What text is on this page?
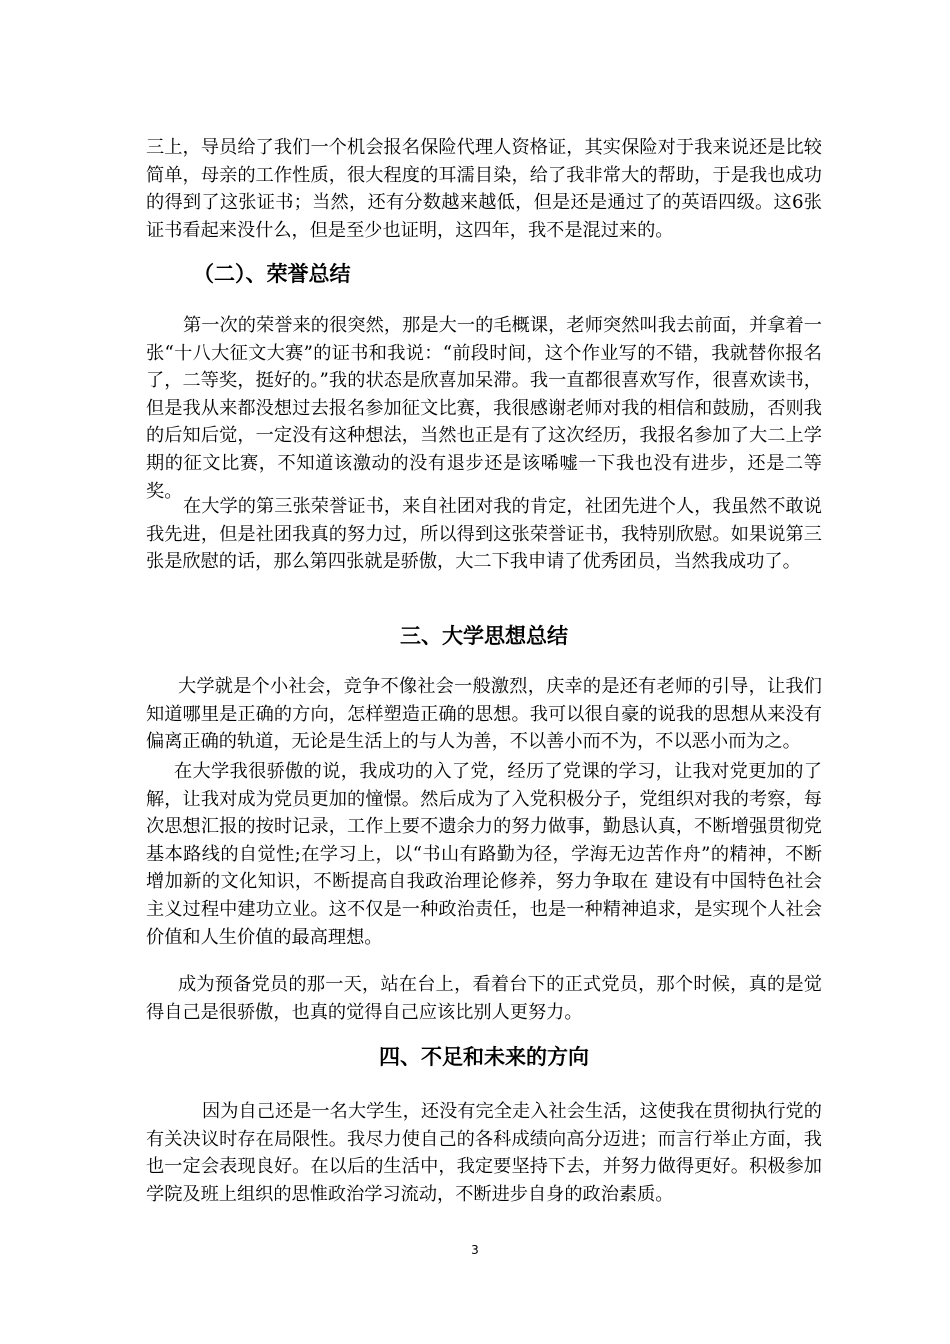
三上，导员给了我们一个机会报名保险代理人资格证，其实保险对于我来说还是比较简单，母亲的工作性质，很大程度的耳濡目染，给了我非常大的帮助，于是我也成功的得到了这张证书；当然，还有分数越来越低，但是还是通过了的英语四级。这6张证书看起来没什么，但是至少也证明，这四年，我不是混过来的。

（二）、荣誉总结

第一次的荣誉来的很突然，那是大一的毛概课，老师突然叫我去前面，并拿着一张“十八大征文大赛”的证书和我说：“前段时间，这个作业写的不错，我就替你报名了，二等奖，挺好的。”我的状态是欣喜加呆滞。我一直都很喜欢写作，很喜欢读书，但是我从来都没想过去报名参加征文比赛，我很感谢老师对我的相信和鼓励，否则我的后知后觉，一定没有这种想法，当然也正是有了这次经历，我报名参加了大二上学期的征文比赛，不知道该激动的没有退步还是该唏嘘一下我也没有进步，还是二等奖。

在大学的第三张荣誉证书，来自社团对我的肯定，社团先进个人，我虽然不敢说我先进，但是社团我真的努力过，所以得到这张荣誉证书，我特别欣慰。如果说第三张是欣慰的话，那么第四张就是骄傲，大二下我申请了优秀团员，当然我成功了。

三、大学思想总结

大学就是个小社会，竞争不像社会一般激烈，庆幸的是还有老师的引导，让我们知道哪里是正确的方向，怎样塑造正确的思想。我可以很自豪的说我的思想从来没有偏离正确的轨道，无论是生活上的与人为善，不以善小而不为，不以恶小而为之。

在大学我很骄傲的说，我成功的入了党，经历了党课的学习，让我对党更加的了解，让我对成为党员更加的憧憬。然后成为了入党积极分子，党组织对我的考察，每次思想汇报的按时记录，工作上要不遗余力的努力做事，勤恳认真，不断增强贯彻党基本路线的自觉性;在学习上，以“书山有路勤为径，学海无边苦作舟”的精神，不断增加新的文化知识，不断提高自我政治理论修养，努力争取在 建设有中国特色社会主义过程中建功立业。这不仅是一种政治责任，也是一种精神追求，是实现个人社会价值和人生价值的最高理想。

成为预备党员的那一天，站在台上，看着台下的正式党员，那个时候，真的是觉得自己是很骄傲，也真的觉得自己应该比别人更努力。

四、不足和未来的方向

因为自己还是一名大学生，还没有完全走入社会生活，这使我在贯彻执行党的有关决议时存在局限性。我尽力使自己的各科成绩向高分迈进；而言行举止方面，我也一定会表现良好。在以后的生活中，我定要坚持下去，并努力做得更好。积极参加学院及班上组织的思惟政治学习流动，不断进步自身的政治素质。

3
